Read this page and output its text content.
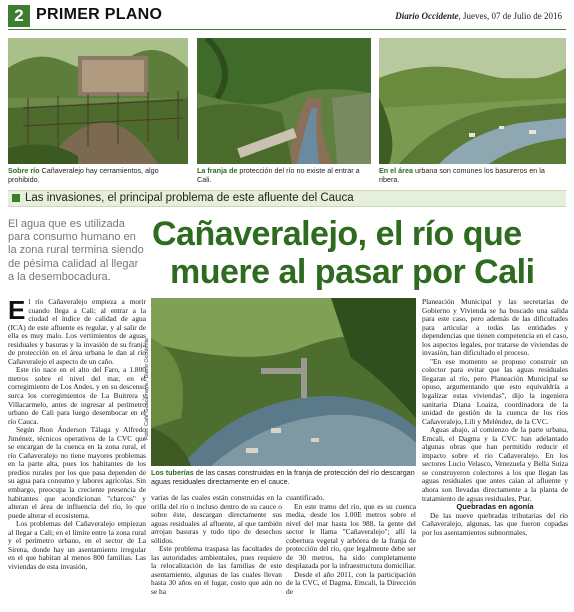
2 PRIMER PLANO	Diario Occidente, Jueves, 07 de Julio de 2016
Sobre río Cañaveralejo hay cerramientos, algo prohibido.
La franja de protección del río no existe al entrar a Cali.
En el área urbana son comunes los basureros en la ribera.
Las invasiones, el principal problema de este afluente del Cauca
El agua que es utilizada para consumo humano en la zona rural termina siendo de pésima calidad al llegar a la desembocadura.
Cañaveralejo, el río que
muere al pasar por Cali

El río Cañaveralejo empieza a morir cuando llega a Cali; al entrar a la ciudad el índice de calidad de agua (ICA) de este afluente es regular, y al salir de ella es muy malo. Los vertimientos de aguas residuales y basuras y la invasión de su franja de protección en el área urbana le dan al río Cañaveralejo el aspecto de un caño.

Este río nace en el alto del Faro, a 1.800 metros sobre el nivel del mar, en el corregimiento de Los Andes, y en su descenso surca los corregimientos de La Buitrera y Villacarmelo, antes de ingresar al perímetro urbano de Cali para luego desembocar en el río Cauca.

Según Jhon Ánderson Tálaga y Alfredo Jiménez, técnicos operativos de la CVC que se encargan de la cuenca en la zona rural, el río Cañaveralejo no tiene mayores problemas en la parte alta, pues los habitantes de los predios rurales por los que pasa dependen de su agua para consumo y labores agrícolas. Sin embargo, preocupa la creciente presencia de habitantes que acondicionan "charcos" y alteran el área de influencia del río, lo que puede alterar el ecosistema.

Los problemas del Cañaveralejo empiezan al llegar a Cali; en el límite entre la zona rural y el perímetro urbano, en el sector de La Sirena, donde hay un asentamiento irregular en el que habitan al menos 800 familias. Las viviendas de esta invasión,

Foto: Café Guacamaya / Diario Occidente
Los tuberías de las casas construidas en la franja de protección del río descargan aguas residuales directamente en el cauce.

varias de las cuales están construidas en la orilla del río o incluso dentro de su cauce o sobre éste, descargan directamente sus aguas residuales al afluente, al que también arrojan basuras y todo tipo de desechos sólidos.

Este problema traspasa las facultades de las autoridades ambientales, pues requiere la relocalización de las familias de este asentamiento, algunas de las cuales llevan hasta 30 años en el lugar, costo que aún no se ha

cuantificado.

En este tramo del río, que es su cuenca media, desde los 1.00E metros sobre el nivel del mar hasta los 988, la gente del sector le llama "Cañaveralejo"; allí la cobertura vegetal y arbórea de la franja de protección del río, que legalmente debe ser de 30 metros, ha sido completamente desplazada por la infraestructura domiciliar.

Desde el año 2011, con la participación de la CVC, el Dagma, Emcali, la Dirección de

Planeación Municipal y las secretarías de Gobierno y Vivienda se ha buscado una salida para este caso, pero además de las dificultades para articular a todas las entidades y dependencias que tienen competencia en el caso, los aspectos legales, por tratarse de viviendas de invasión, han dificultado el proceso.

"En ese momento se propuso construir un colector para evitar que las aguas residuales llegaran al río, pero Planeación Municipal se opuso, argumentando que esto equivaldría a legalizar estas viviendas", dijo la ingeniera sanitaria Diana Loaiza, coordinadora de la unidad de gestión de la cuenca de los ríos Cañaveralejo, Lili y Meléndez, de la CVC.

Aguas abajo, al comienzo de la parte urbana, Emcali, el Dagma y la CVC han adelantado algunas obras que han permitido reducir el impacto sobre el río Cañaveralejo. En los sectores Lucio Velasco, Venezuela y Bella Suiza se construyeron colectores a los que llegan las aguas residuales que antes caían al afluente y ahora son llevadas directamente a la planta de tratamiento de aguas residuales, Ptar.

Quebradas en agonía

De las nueve quebradas tributarias del río Cañaveralejo, algunas, las que fueron copadas por los asentamientos subnormales,
